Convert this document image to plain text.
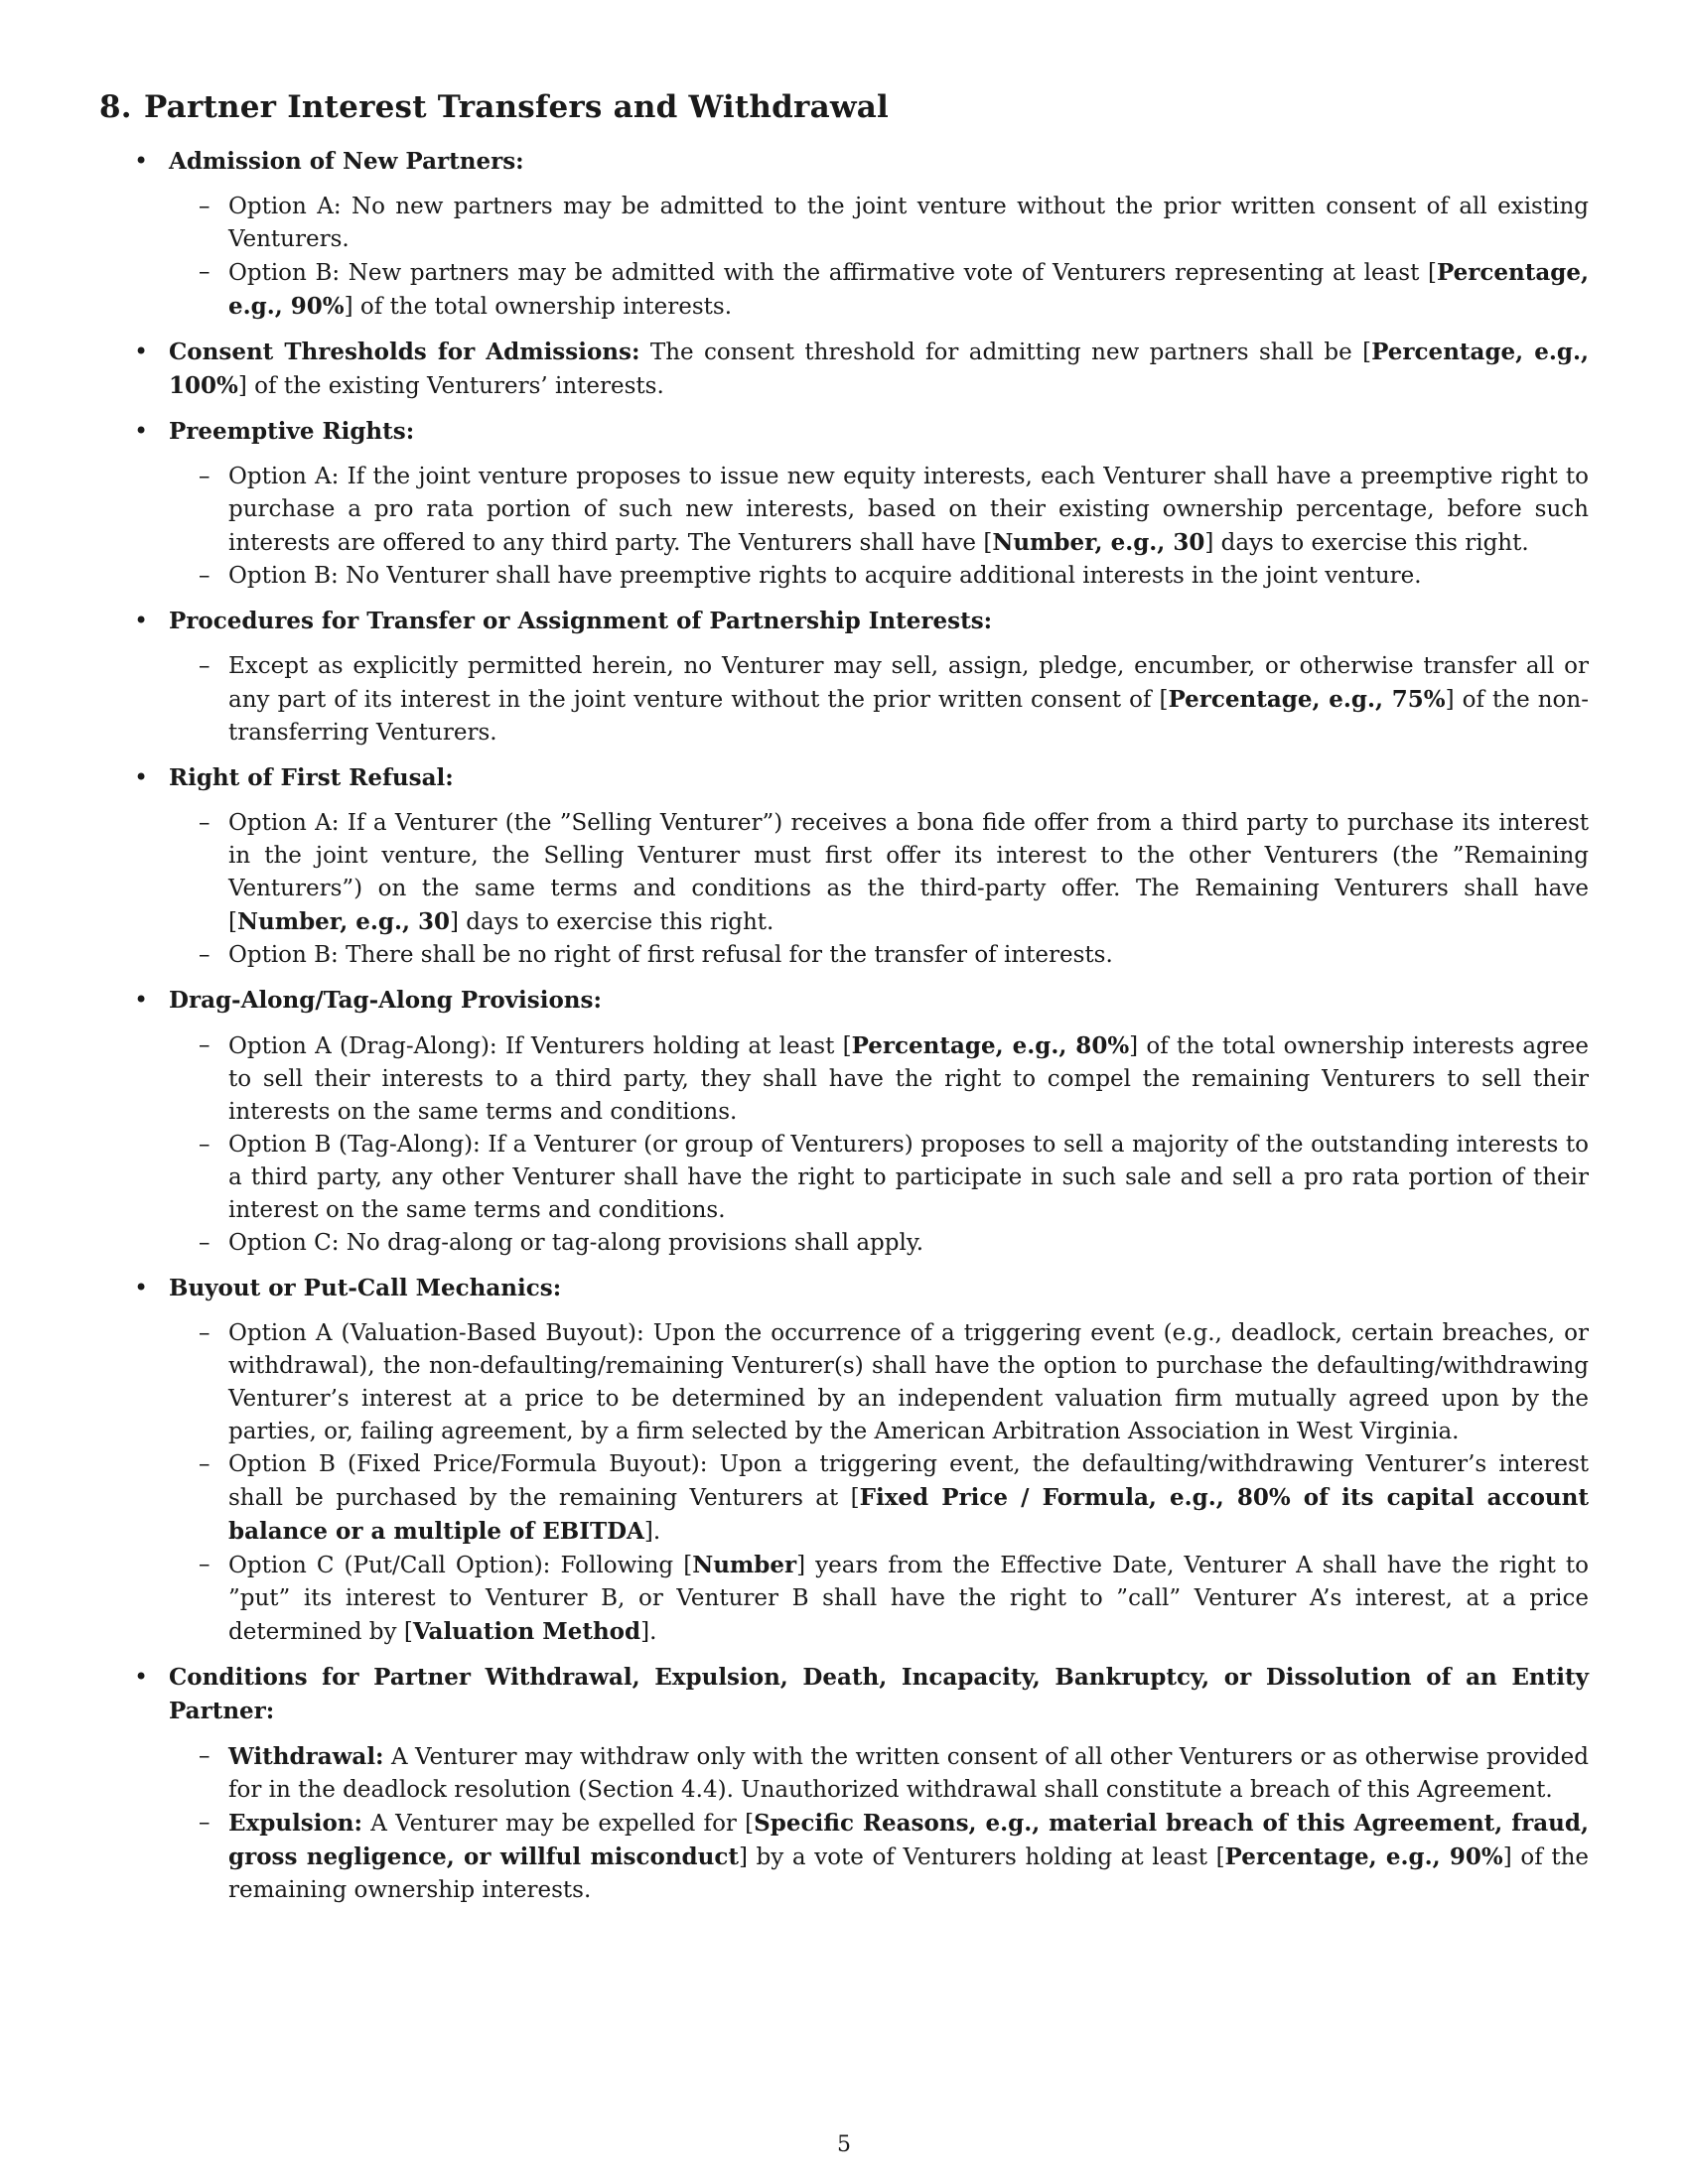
8. Partner Interest Transfers and Withdrawal
• Admission of New Partners:
– Option A: No new partners may be admitted to the joint venture without the prior written consent of all existing Venturers.
– Option B: New partners may be admitted with the affirmative vote of Venturers representing at least [Percentage, e.g., 90%] of the total ownership interests.
• Consent Thresholds for Admissions: The consent threshold for admitting new partners shall be [Percentage, e.g., 100%] of the existing Venturers’ interests.
• Preemptive Rights:
– Option A: If the joint venture proposes to issue new equity interests, each Venturer shall have a preemptive right to purchase a pro rata portion of such new interests, based on their existing ownership percentage, before such interests are offered to any third party. The Venturers shall have [Number, e.g., 30] days to exercise this right.
– Option B: No Venturer shall have preemptive rights to acquire additional interests in the joint venture.
• Procedures for Transfer or Assignment of Partnership Interests:
– Except as explicitly permitted herein, no Venturer may sell, assign, pledge, encumber, or otherwise transfer all or any part of its interest in the joint venture without the prior written consent of [Percentage, e.g., 75%] of the non-transferring Venturers.
• Right of First Refusal:
– Option A: If a Venturer (the ”Selling Venturer”) receives a bona fide offer from a third party to purchase its interest in the joint venture, the Selling Venturer must first offer its interest to the other Venturers (the ”Remaining Venturers”) on the same terms and conditions as the third-party offer. The Remaining Venturers shall have [Number, e.g., 30] days to exercise this right.
– Option B: There shall be no right of first refusal for the transfer of interests.
• Drag-Along/Tag-Along Provisions:
– Option A (Drag-Along): If Venturers holding at least [Percentage, e.g., 80%] of the total ownership interests agree to sell their interests to a third party, they shall have the right to compel the remaining Venturers to sell their interests on the same terms and conditions.
– Option B (Tag-Along): If a Venturer (or group of Venturers) proposes to sell a majority of the outstanding interests to a third party, any other Venturer shall have the right to participate in such sale and sell a pro rata portion of their interest on the same terms and conditions.
– Option C: No drag-along or tag-along provisions shall apply.
• Buyout or Put-Call Mechanics:
– Option A (Valuation-Based Buyout): Upon the occurrence of a triggering event (e.g., deadlock, certain breaches, or withdrawal), the non-defaulting/remaining Venturer(s) shall have the option to purchase the defaulting/withdrawing Venturer’s interest at a price to be determined by an independent valuation firm mutually agreed upon by the parties, or, failing agreement, by a firm selected by the American Arbitration Association in West Virginia.
– Option B (Fixed Price/Formula Buyout): Upon a triggering event, the defaulting/withdrawing Venturer’s interest shall be purchased by the remaining Venturers at [Fixed Price / Formula, e.g., 80% of its capital account balance or a multiple of EBITDA].
– Option C (Put/Call Option): Following [Number] years from the Effective Date, Venturer A shall have the right to ”put” its interest to Venturer B, or Venturer B shall have the right to ”call” Venturer A’s interest, at a price determined by [Valuation Method].
• Conditions for Partner Withdrawal, Expulsion, Death, Incapacity, Bankruptcy, or Dissolution of an Entity Partner:
– Withdrawal: A Venturer may withdraw only with the written consent of all other Venturers or as otherwise provided for in the deadlock resolution (Section 4.4). Unauthorized withdrawal shall constitute a breach of this Agreement.
– Expulsion: A Venturer may be expelled for [Specific Reasons, e.g., material breach of this Agreement, fraud, gross negligence, or willful misconduct] by a vote of Venturers holding at least [Percentage, e.g., 90%] of the remaining ownership interests.
5
